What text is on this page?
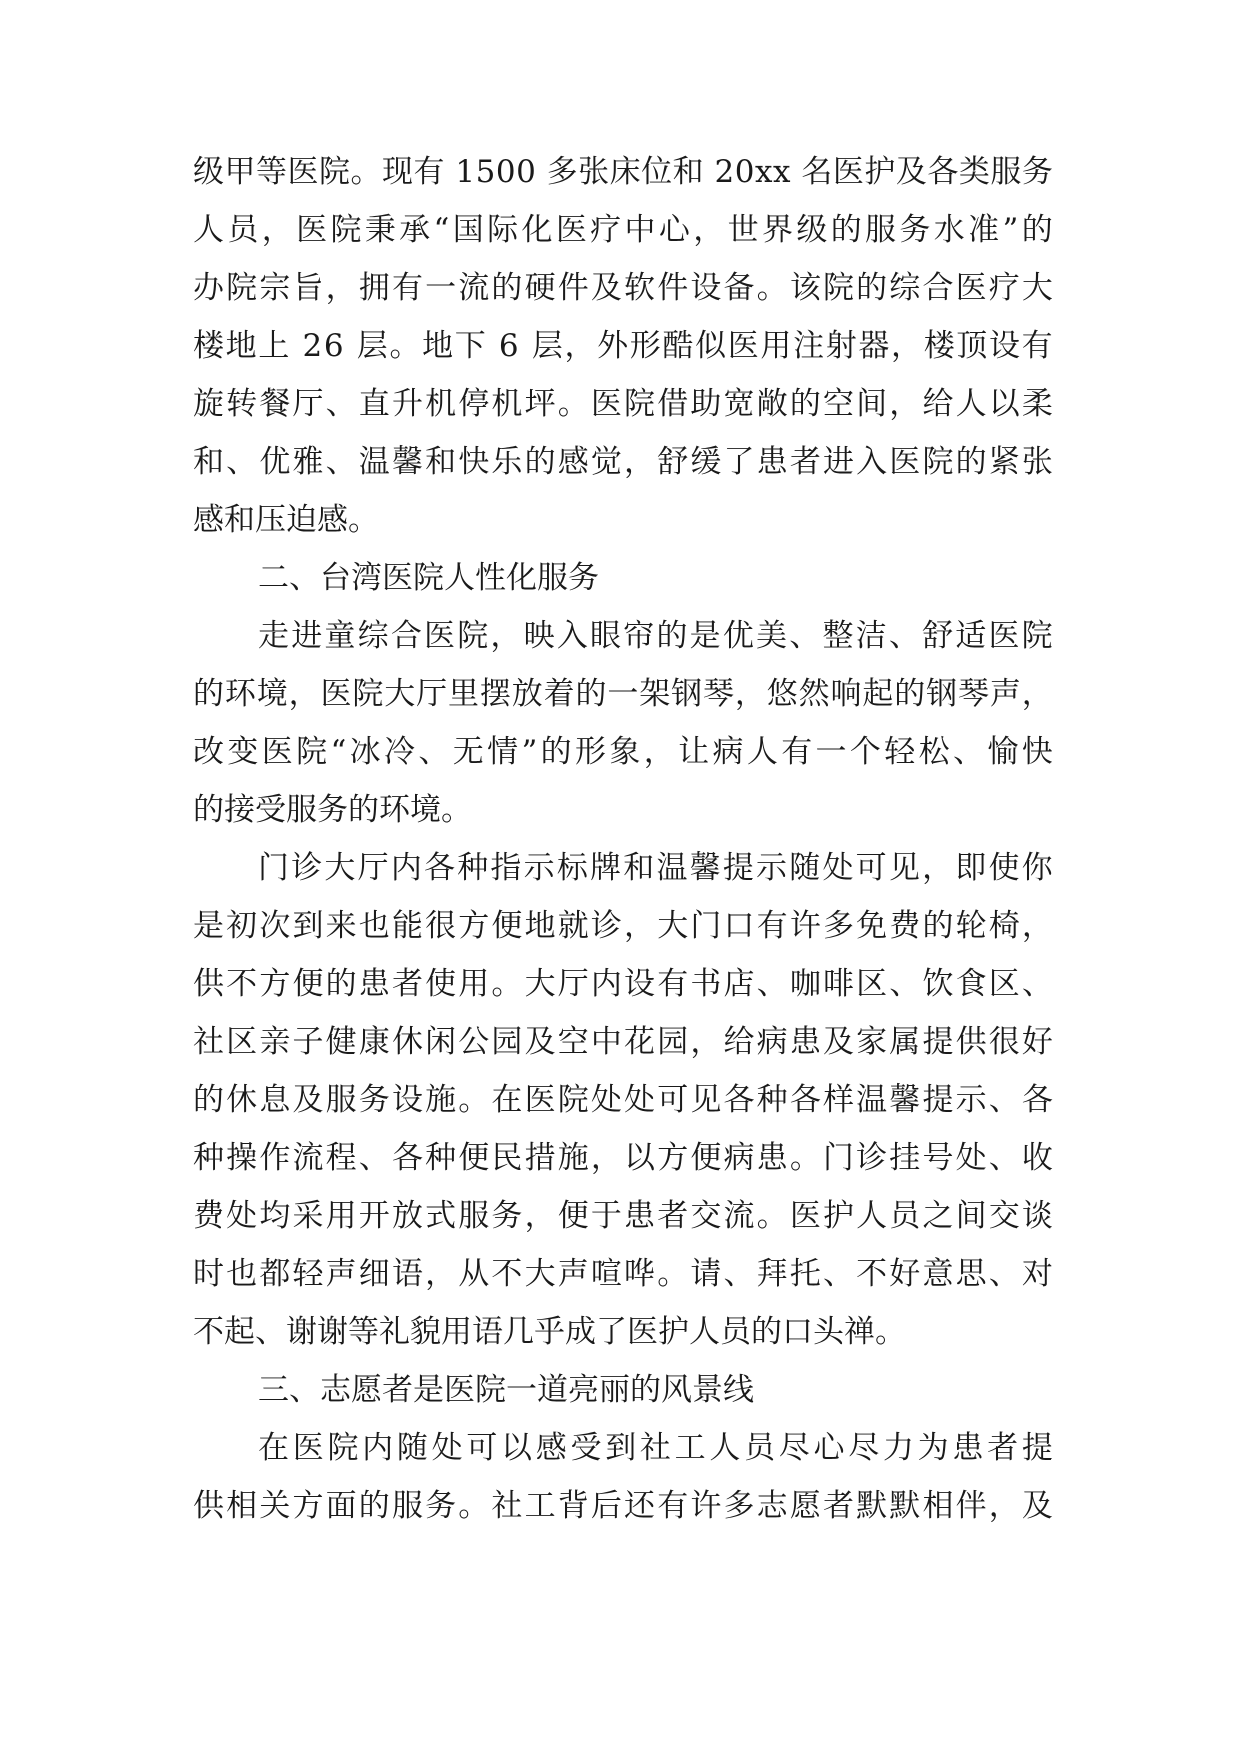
级 甲 等 医 院 。 现 有
1 5 0 0
多 张 床 位 和
2 0 x x
名 医 护 及 各 类 服 务
人 员 ， 医 院 秉 承 “ 国 际 化 医 疗 中 心 ， 世 界 级 的 服 务 水 准 ” 的
办 院 宗 旨 ， 拥 有 一 流 的 硬 件 及 软 件 设 备 。 该 院 的 综 合 医 疗 大
楼 地 上
2 6
层 。 地 下
6
层 ， 外 形 酷 似 医 用 注 射 器 ， 楼 顶 设 有
旋 转 餐 厅 、 直 升 机 停 机 坪 。 医 院 借 助 宽 敞 的 空 间 ， 给 人 以 柔
和 、 优 雅 、 温 馨 和 快 乐 的 感 觉 ， 舒 缓 了 患 者 进 入 医 院 的 紧 张
感和压迫感。
二、台湾医院人性化服务
走 进 童 综 合 医 院 ， 映 入 眼 帘 的 是 优 美 、 整 洁 、 舒 适 医 院
的 环 境 ， 医 院 大 厅 里 摆 放 着 的 一 架 钢 琴 ， 悠 然 响 起 的 钢 琴 声 ，
改 变 医 院 “ 冰 冷 、 无 情 ” 的 形 象 ， 让 病 人 有 一 个 轻 松 、 愉 快
的接受服务的环境。
门 诊 大 厅 内 各 种 指 示 标 牌 和 温 馨 提 示 随 处 可 见 ， 即 使 你
是 初 次 到 来 也 能 很 方 便 地 就 诊 ， 大 门 口 有 许 多 免 费 的 轮 椅 ，
供 不 方 便 的 患 者 使 用 。 大 厅 内 设 有 书 店 、 咖 啡 区 、 饮 食 区 、
社 区 亲 子 健 康 休 闲 公 园 及 空 中 花 园 ， 给 病 患 及 家 属 提 供 很 好
的 休 息 及 服 务 设 施 。 在 医 院 处 处 可 见 各 种 各 样 温 馨 提 示 、 各
种 操 作 流 程 、 各 种 便 民 措 施 ， 以 方 便 病 患 。 门 诊 挂 号 处 、 收
费 处 均 采 用 开 放 式 服 务 ， 便 于 患 者 交 流 。 医 护 人 员 之 间 交 谈
时 也 都 轻 声 细 语 ， 从 不 大 声 喧 哗 。 请 、 拜 托 、 不 好 意 思 、 对
不起、谢谢等礼貌用语几乎成了医护人员的口头禅。
三、志愿者是医院一道亮丽的风景线
在 医 院 内 随 处 可 以 感 受 到 社 工 人 员 尽 心 尽 力 为 患 者 提
供 相 关 方 面 的 服 务 。 社 工 背 后 还 有 许 多 志 愿 者 默 默 相 伴 ， 及
